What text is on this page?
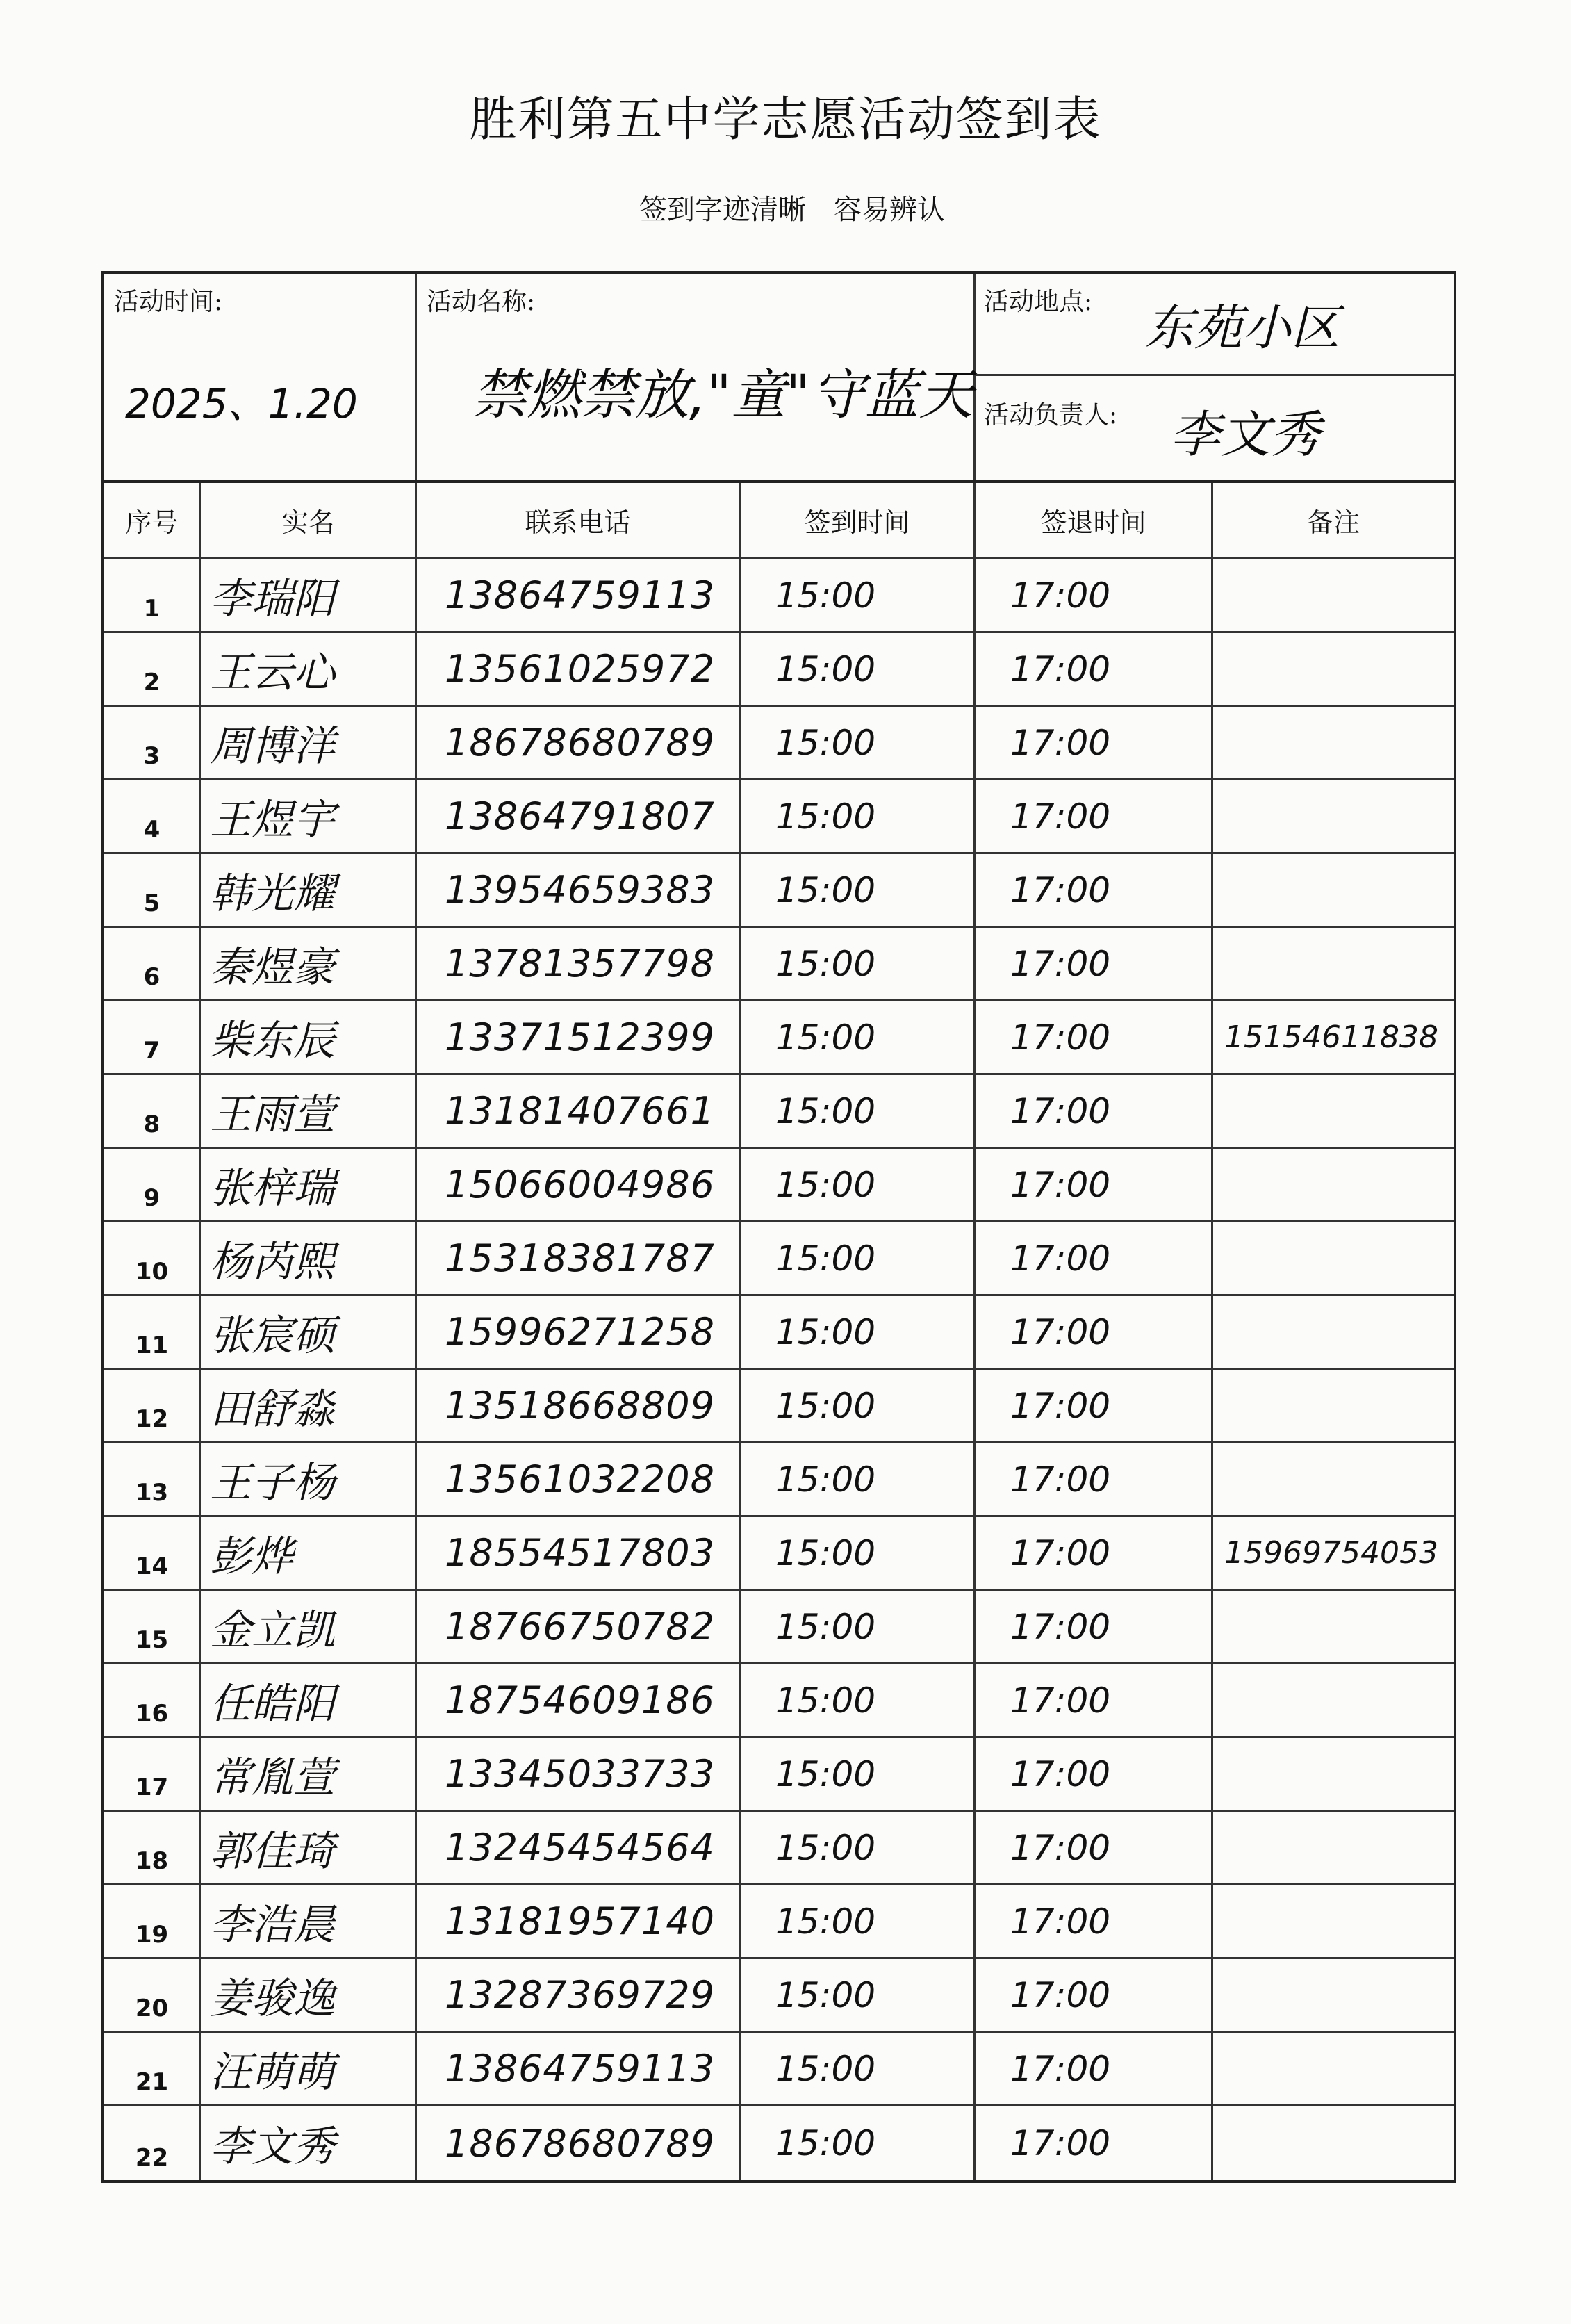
胜利第五中学志愿活动签到表
签到字迹清晰　容易辨认
活动时间:
2025、1.20
活动名称:
禁燃禁放,"童"守蓝天
活动地点: 东苑小区
活动负责人: 李文秀
序号	实名	联系电话	签到时间	签退时间	备注
1 李瑞阳	13864759113	15:00	17:00
2 王云心	13561025972	15:00	17:00
3 周博洋	18678680789	15:00	17:00
4 王煜宇	13864791807	15:00	17:00
5 韩光耀	13954659383	15:00	17:00
6 秦煜豪	13781357798	15:00	17:00
7 柴东辰	13371512399	15:00	17:00	15154611838
8 王雨萱	13181407661	15:00	17:00
9 张梓瑞	15066004986	15:00	17:00
10 杨芮熙	15318381787	15:00	17:00
11 张宸硕	15996271258	15:00	17:00
12 田舒淼	13518668809	15:00	17:00
13 王子杨	13561032208	15:00	17:00
14 彭烨	18554517803	15:00	17:00	15969754053
15 金立凯	18766750782	15:00	17:00
16 任皓阳	18754609186	15:00	17:00
17 常胤萱	13345033733	15:00	17:00
18 郭佳琦	13245454564	15:00	17:00
19 李浩晨	13181957140	15:00	17:00
20 姜骏逸	13287369729	15:00	17:00
21 汪萌萌	13864759113	15:00	17:00
22 李文秀	18678680789	15:00	17:00
